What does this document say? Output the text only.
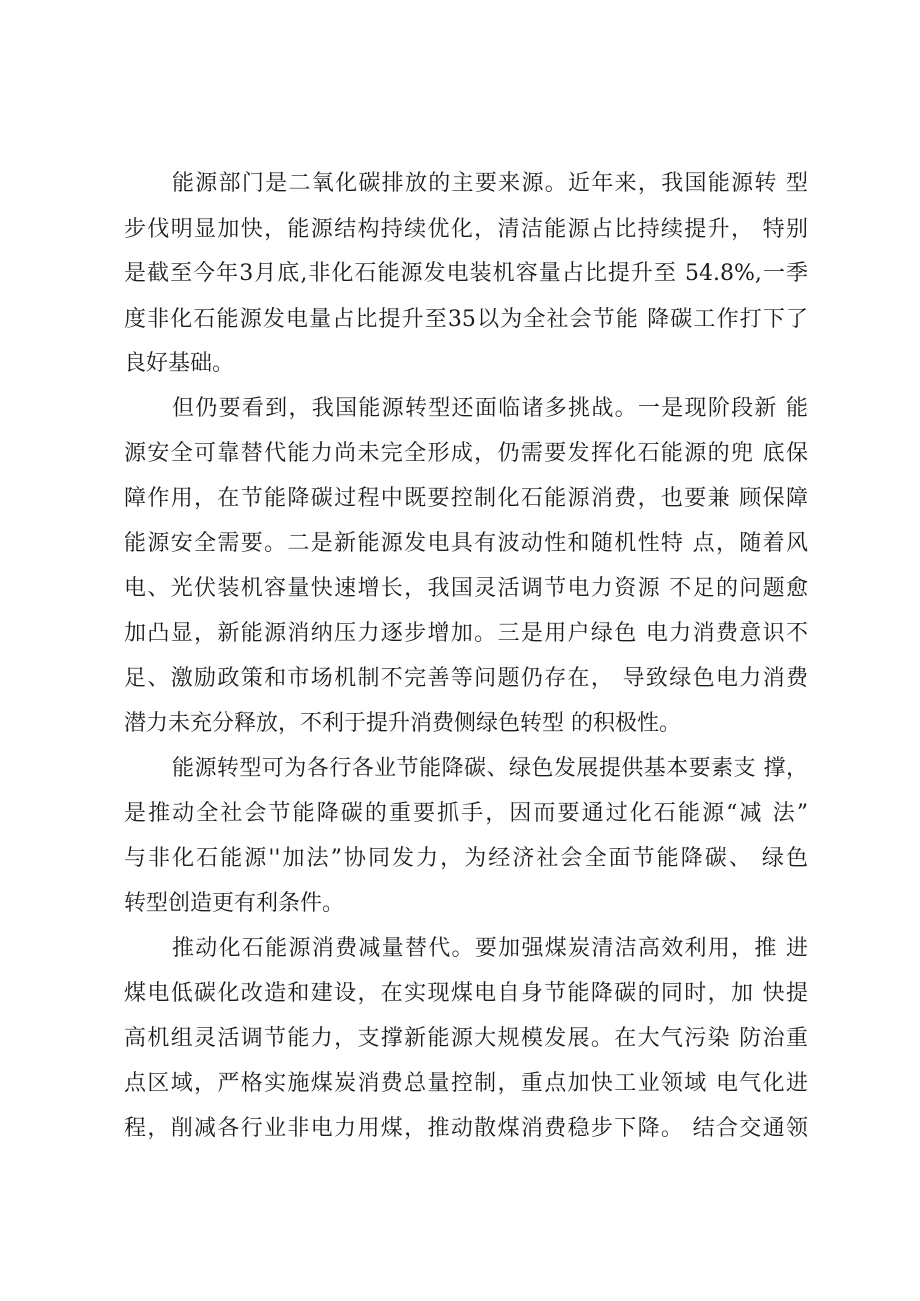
能源部门是二氧化碳排放的主要来源。近年来，我国能源转 型
步伐明显加快，能源结构持续优化，清洁能源占比持续提升， 特别
是截至今年3月底,非化石能源发电装机容量占比提升至 54.8%,一季
度非化石能源发电量占比提升至35以为全社会节能 降碳工作打下了
良好基础。
但仍要看到，我国能源转型还面临诸多挑战。一是现阶段新 能
源安全可靠替代能力尚未完全形成，仍需要发挥化石能源的兜 底保
障作用，在节能降碳过程中既要控制化石能源消费，也要兼 顾保障
能源安全需要。二是新能源发电具有波动性和随机性特 点，随着风
电、光伏装机容量快速增长，我国灵活调节电力资源 不足的问题愈
加凸显，新能源消纳压力逐步增加。三是用户绿色 电力消费意识不
足、激励政策和市场机制不完善等问题仍存在， 导致绿色电力消费
潜力未充分释放，不利于提升消费侧绿色转型 的积极性。
能源转型可为各行各业节能降碳、绿色发展提供基本要素支 撑，
是推动全社会节能降碳的重要抓手，因而要通过化石能源“减 法”
与非化石能源''加法”协同发力，为经济社会全面节能降碳、 绿色
转型创造更有利条件。
推动化石能源消费减量替代。要加强煤炭清洁高效利用，推 进
煤电低碳化改造和建设，在实现煤电自身节能降碳的同时，加 快提
高机组灵活调节能力，支撑新能源大规模发展。在大气污染 防治重
点区域，严格实施煤炭消费总量控制，重点加快工业领域 电气化进
程，削减各行业非电力用煤，推动散煤消费稳步下降。 结合交通领
